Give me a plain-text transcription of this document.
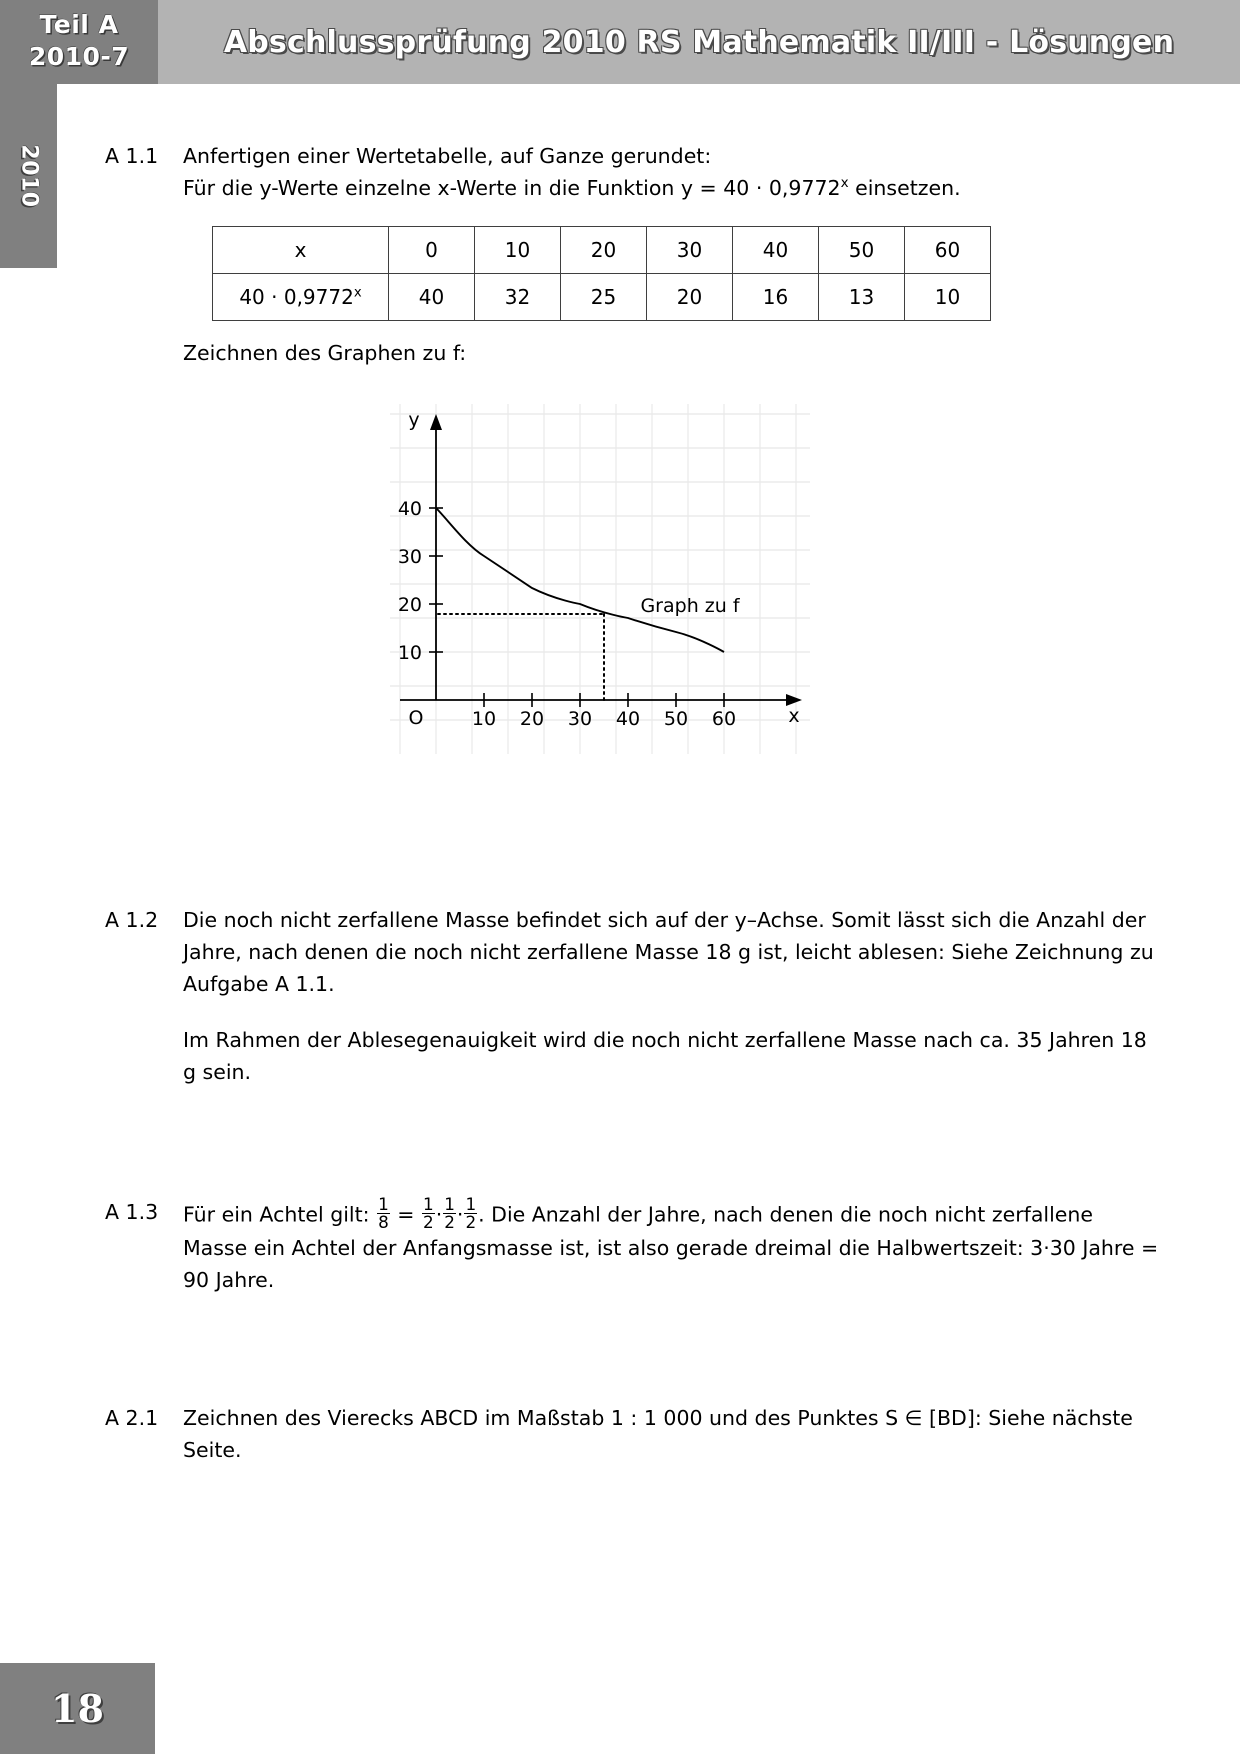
Teil A
2010-7	Abschlussprüfung 2010 RS Mathematik II/III - Lösungen
2010
18
A 1.1	Anfertigen einer Wertetabelle, auf Ganze gerundet:

Für die y-Werte einzelne x-Werte in die Funktion $y = 40 \cdot 0,9772^x$ einsetzen.

x	0	10	20	30	40	50	60
$40 \cdot 0,9772^x$	40	32	25	20	16	13	10

Zeichnen des Graphen zu f:

y
x
O
10
20
30
40
10 20 30 40 50 60
Graph zu f
A 1.2	Die noch nicht zerfallene Masse befindet sich auf der y–Achse. Somit lässt sich die Anzahl der Jahre, nach denen die noch nicht zerfallene Masse 18 g ist, leicht ablesen: Siehe Zeichnung zu Aufgabe A 1.1.

Im Rahmen der Ablesegenauigkeit wird die noch nicht zerfallene Masse nach ca. 35 Jahren 18 g sein.

A 1.3	Für ein Achtel gilt: $\frac{1}{8} = \frac{1}{2} \cdot \frac{1}{2} \cdot \frac{1}{2}$ . Die Anzahl der Jahre, nach denen die noch nicht zerfallene Masse ein Achtel der Anfangsmasse ist, ist also gerade dreimal die Halbwertszeit: 3·30 Jahre = 90 Jahre.

A 2.1	Zeichnen des Vierecks ABCD im Maßstab 1 : 1 000 und des Punktes S ∈ [BD]: Siehe nächste Seite.
